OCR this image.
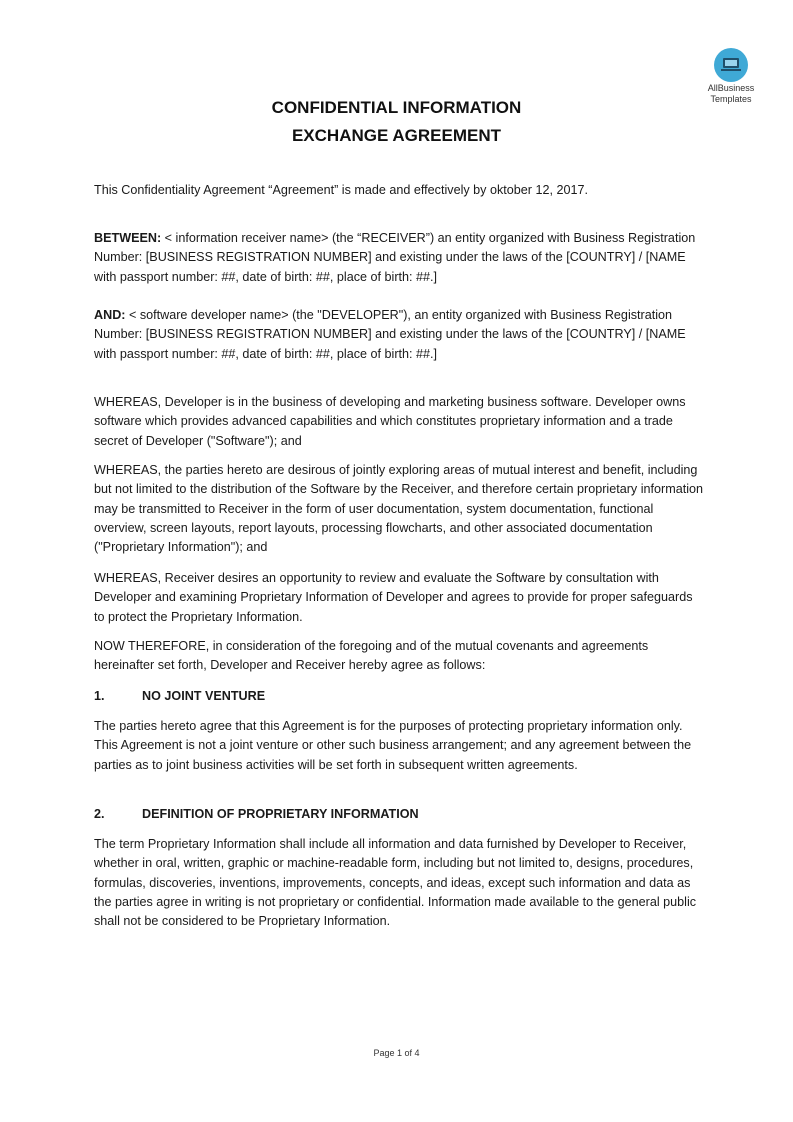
AllBusiness
Templates
CONFIDENTIAL INFORMATION
EXCHANGE AGREEMENT

This Confidentiality Agreement “Agreement” is made and effectively by oktober 12, 2017.

BETWEEN: < information receiver name> (the “RECEIVER”) an entity organized with Business Registration Number: [BUSINESS REGISTRATION NUMBER] and existing under the laws of the [COUNTRY] / [NAME with passport number: ##, date of birth: ##, place of birth: ##.]

AND: < software developer name> (the "DEVELOPER"), an entity organized with Business Registration Number: [BUSINESS REGISTRATION NUMBER] and existing under the laws of the [COUNTRY] / [NAME with passport number: ##, date of birth: ##, place of birth: ##.]

WHEREAS, Developer is in the business of developing and marketing business software. Developer owns software which provides advanced capabilities and which constitutes proprietary information and a trade secret of Developer ("Software"); and

WHEREAS, the parties hereto are desirous of jointly exploring areas of mutual interest and benefit, including but not limited to the distribution of the Software by the Receiver, and therefore certain proprietary information may be transmitted to Receiver in the form of user documentation, system documentation, functional overview, screen layouts, report layouts, processing flowcharts, and other associated documentation ("Proprietary Information"); and

WHEREAS, Receiver desires an opportunity to review and evaluate the Software by consultation with Developer and examining Proprietary Information of Developer and agrees to provide for proper safeguards to protect the Proprietary Information.

NOW THEREFORE, in consideration of the foregoing and of the mutual covenants and agreements hereinafter set forth, Developer and Receiver hereby agree as follows:

1.	NO JOINT VENTURE

The parties hereto agree that this Agreement is for the purposes of protecting proprietary information only. This Agreement is not a joint venture or other such business arrangement; and any agreement between the parties as to joint business activities will be set forth in subsequent written agreements.

2.	DEFINITION OF PROPRIETARY INFORMATION

The term Proprietary Information shall include all information and data furnished by Developer to Receiver, whether in oral, written, graphic or machine-readable form, including but not limited to, designs, procedures, formulas, discoveries, inventions, improvements, concepts, and ideas, except such information and data as the parties agree in writing is not proprietary or confidential. Information made available to the general public shall not be considered to be Proprietary Information.

Page 1 of 4
